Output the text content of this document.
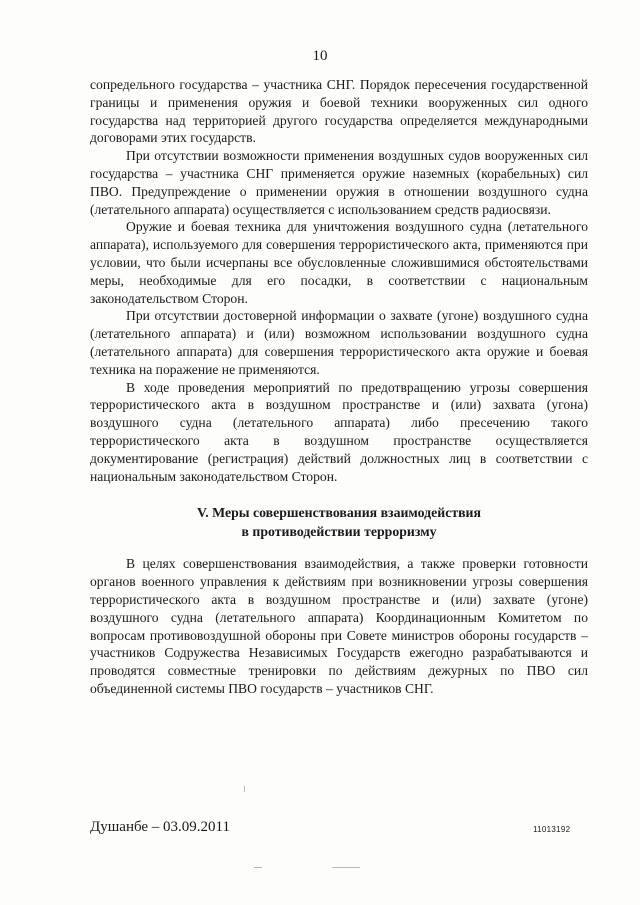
10

сопредельного государства – участника СНГ. Порядок пересечения государственной границы и применения оружия и боевой техники вооруженных сил одного государства над территорией другого государства определяется международными договорами этих государств.

При отсутствии возможности применения воздушных судов вооруженных сил государства – участника СНГ применяется оружие наземных (корабельных) сил ПВО. Предупреждение о применении оружия в отношении воздушного судна (летательного аппарата) осуществляется с использованием средств радиосвязи.

Оружие и боевая техника для уничтожения воздушного судна (летательного аппарата), используемого для совершения террористического акта, применяются при условии, что были исчерпаны все обусловленные сложившимися обстоятельствами меры, необходимые для его посадки, в соответствии с национальным законодательством Сторон.

При отсутствии достоверной информации о захвате (угоне) воздушного судна (летательного аппарата) и (или) возможном использовании воздушного судна (летательного аппарата) для совершения террористического акта оружие и боевая техника на поражение не применяются.

В ходе проведения мероприятий по предотвращению угрозы совершения террористического акта в воздушном пространстве и (или) захвата (угона) воздушного судна (летательного аппарата) либо пресечению такого террористического акта в воздушном пространстве осуществляется документирование (регистрация) действий должностных лиц в соответствии с национальным законодательством Сторон.

V. Меры совершенствования взаимодействия
в противодействии терроризму

В целях совершенствования взаимодействия, а также проверки готовности органов военного управления к действиям при возникновении угрозы совершения террористического акта в воздушном пространстве и (или) захвате (угоне) воздушного судна (летательного аппарата) Координационным Комитетом по вопросам противовоздушной обороны при Совете министров обороны государств – участников Содружества Независимых Государств ежегодно разрабатываются и проводятся совместные тренировки по действиям дежурных по ПВО сил объединенной системы ПВО государств – участников СНГ.

Душанбе – 03.09.2011	11013192
